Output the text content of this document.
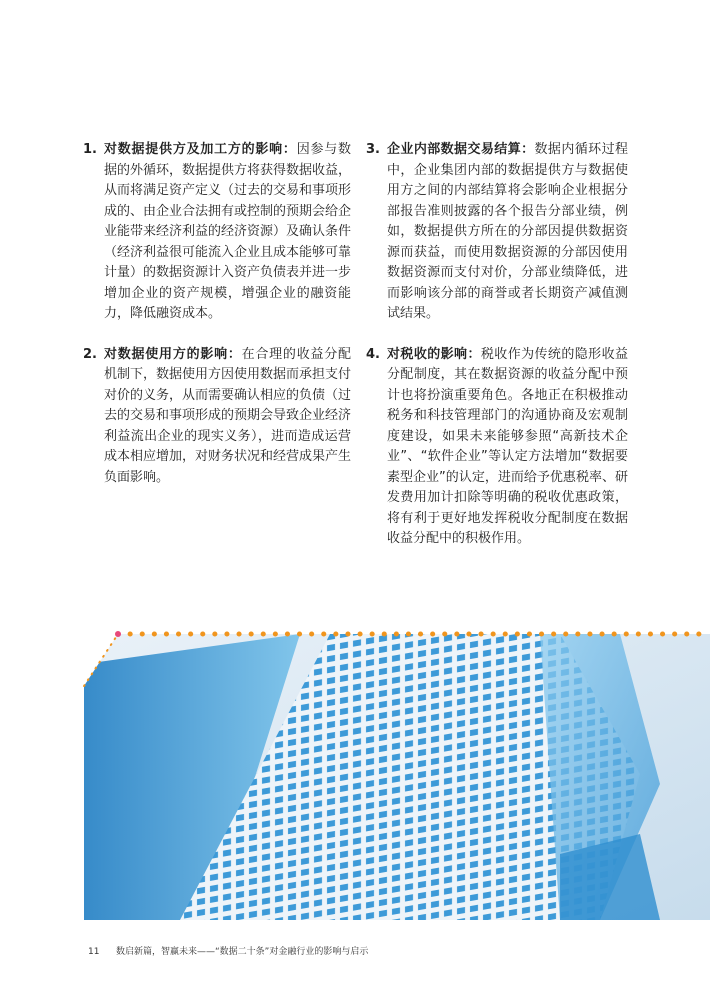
1. 对数据提供方及加工方的影响：因参与数据的外循环，数据提供方将获得数据收益，从而将满足资产定义（过去的交易和事项形成的、由企业合法拥有或控制的预期会给企业能带来经济利益的经济资源）及确认条件（经济利益很可能流入企业且成本能够可靠计量）的数据资源计入资产负债表并进一步增加企业的资产规模，增强企业的融资能力，降低融资成本。
2. 对数据使用方的影响：在合理的收益分配机制下，数据使用方因使用数据而承担支付对价的义务，从而需要确认相应的负债（过去的交易和事项形成的预期会导致企业经济利益流出企业的现实义务），进而造成运营成本相应增加，对财务状况和经营成果产生负面影响。
3. 企业内部数据交易结算：数据内循环过程中，企业集团内部的数据提供方与数据使用方之间的内部结算将会影响企业根据分部报告准则披露的各个报告分部业绩，例如，数据提供方所在的分部因提供数据资源而获益，而使用数据资源的分部因使用数据资源而支付对价，分部业绩降低，进而影响该分部的商誉或者长期资产减值测试结果。
4. 对税收的影响：税收作为传统的隐形收益分配制度，其在数据资源的收益分配中预计也将扮演重要角色。各地正在积极推动税务和科技管理部门的沟通协商及宏观制度建设，如果未来能够参照“高新技术企业”、“软件企业”等认定方法增加“数据要素型企业”的认定，进而给予优惠税率、研发费用加计扣除等明确的税收优惠政策，将有利于更好地发挥税收分配制度在数据收益分配中的积极作用。
11 数启新篇，智赢未来——“数据二十条”对金融行业的影响与启示
